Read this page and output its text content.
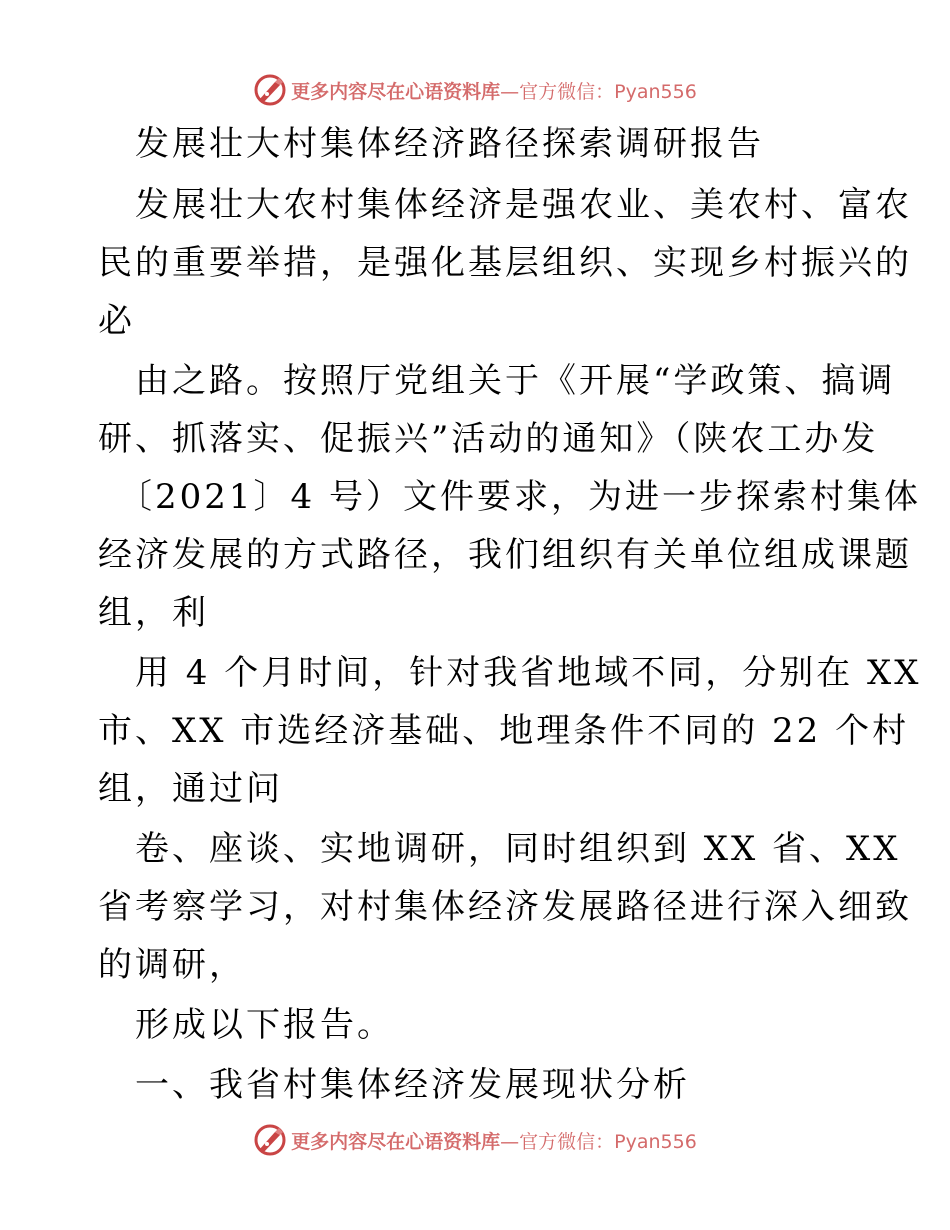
更多内容尽在心语资料库 —官方微信：Pyan556
发展壮大村集体经济路径探索调研报告
发展壮大农村集体经济是强农业、美农村、富农
民的重要举措，是强化基层组织、实现乡村振兴的
必
由之路。按照厅党组关于《开展“学政策、搞调
研、抓落实、促振兴”活动的通知》（陕农工办发
〔2021〕4 号）文件要求，为进一步探索村集体
经济发展的方式路径，我们组织有关单位组成课题
组，利
用 4 个月时间，针对我省地域不同，分别在 XX
市、XX 市选经济基础、地理条件不同的 22 个村
组，通过问
卷、座谈、实地调研，同时组织到 XX 省、XX
省考察学习，对村集体经济发展路径进行深入细致
的调研，
形成以下报告。
一、我省村集体经济发展现状分析
更多内容尽在心语资料库 —官方微信：Pyan556
